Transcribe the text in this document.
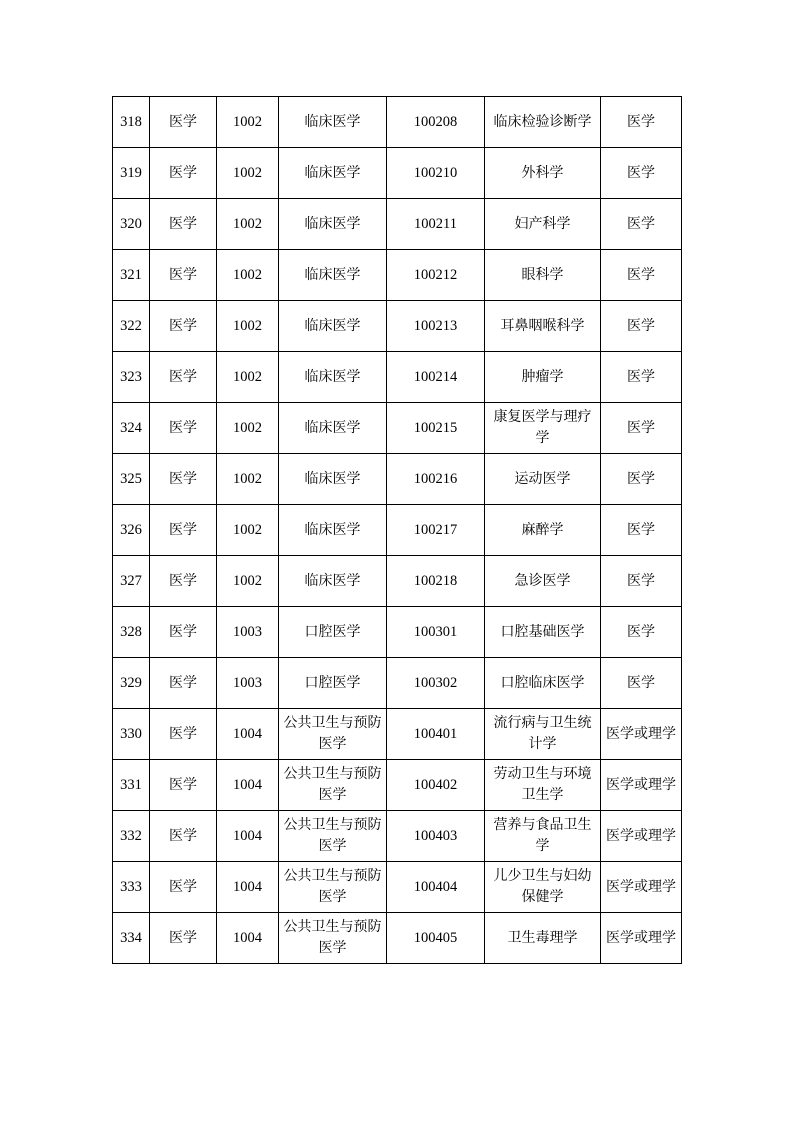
318	医学	1002	临床医学	100208	临床检验诊断学	医学
319	医学	1002	临床医学	100210	外科学	医学
320	医学	1002	临床医学	100211	妇产科学	医学
321	医学	1002	临床医学	100212	眼科学	医学
322	医学	1002	临床医学	100213	耳鼻咽喉科学	医学
323	医学	1002	临床医学	100214	肿瘤学	医学
324	医学	1002	临床医学	100215	康复医学与理疗学	医学
325	医学	1002	临床医学	100216	运动医学	医学
326	医学	1002	临床医学	100217	麻醉学	医学
327	医学	1002	临床医学	100218	急诊医学	医学
328	医学	1003	口腔医学	100301	口腔基础医学	医学
329	医学	1003	口腔医学	100302	口腔临床医学	医学
330	医学	1004	公共卫生与预防医学	100401	流行病与卫生统计学	医学或理学
331	医学	1004	公共卫生与预防医学	100402	劳动卫生与环境卫生学	医学或理学
332	医学	1004	公共卫生与预防医学	100403	营养与食品卫生学	医学或理学
333	医学	1004	公共卫生与预防医学	100404	儿少卫生与妇幼保健学	医学或理学
334	医学	1004	公共卫生与预防医学	100405	卫生毒理学	医学或理学
